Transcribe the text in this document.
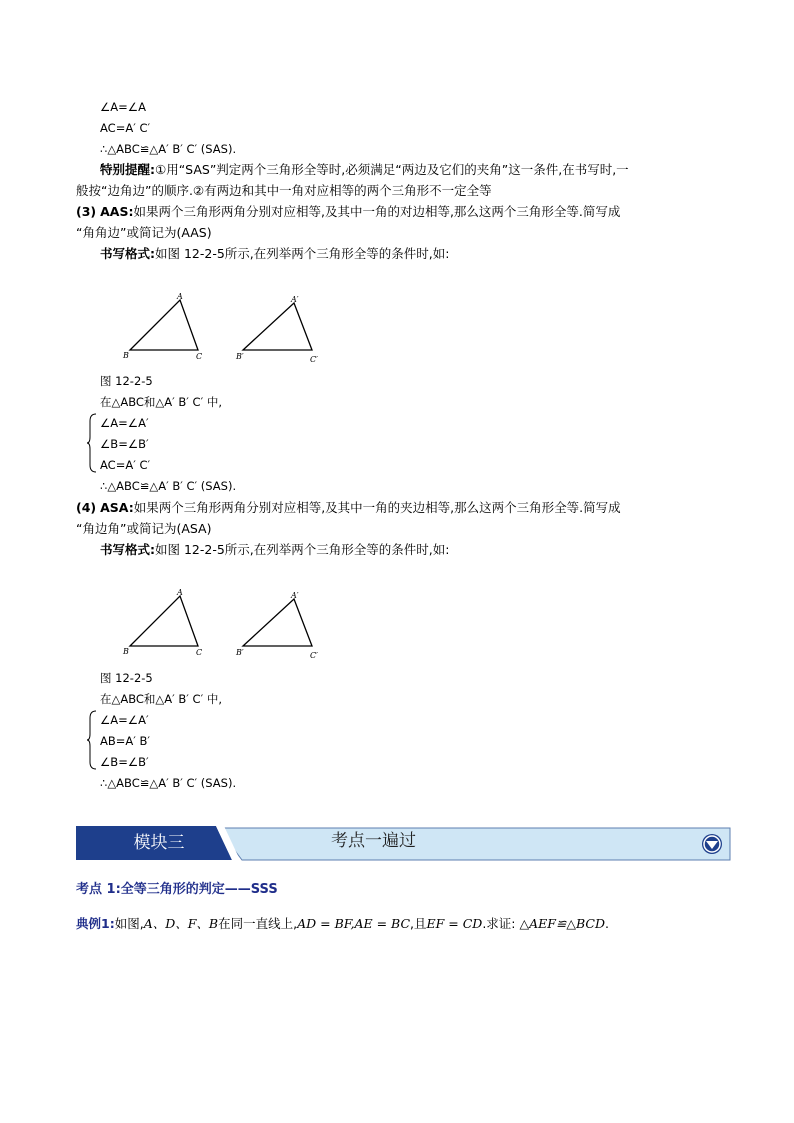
∠A=∠A
AC=A′ C′
∴△ABC≌△A′ B′ C′ (SAS).
特别提醒:①用“SAS”判定两个三角形全等时,必须满足“两边及它们的夹角”这一条件,在书写时,一
般按“边角边”的顺序.②有两边和其中一角对应相等的两个三角形不一定全等
(3) AAS:如果两个三角形两角分别对应相等,及其中一角的对边相等,那么这两个三角形全等.简写成
“角角边”或简记为(AAS)
书写格式:如图 12-2-5所示,在列举两个三角形全等的条件时,如:
A
B	C
A′
B′	C′
图 12-2-5
在△ABC和△A′ B′ C′ 中,
∠A=∠A′
∠B=∠B′
AC=A′ C′
∴△ABC≌△A′ B′ C′ (SAS).
(4) ASA:如果两个三角形两角分别对应相等,及其中一角的夹边相等,那么这两个三角形全等.简写成
“角边角”或简记为(ASA)
书写格式:如图 12-2-5所示,在列举两个三角形全等的条件时,如:
A
B	C
A′
B′	C′
图 12-2-5
在△ABC和△A′ B′ C′ 中,
∠A=∠A′
AB=A′ B′
∠B=∠B′
∴△ABC≌△A′ B′ C′ (SAS).
模块三	考点一遍过
考点 1:全等三角形的判定——SSS
典例1:如图,A、D、F、B在同一直线上,AD = BF,AE = BC,且EF = CD.求证: △AEF≌△BCD.
